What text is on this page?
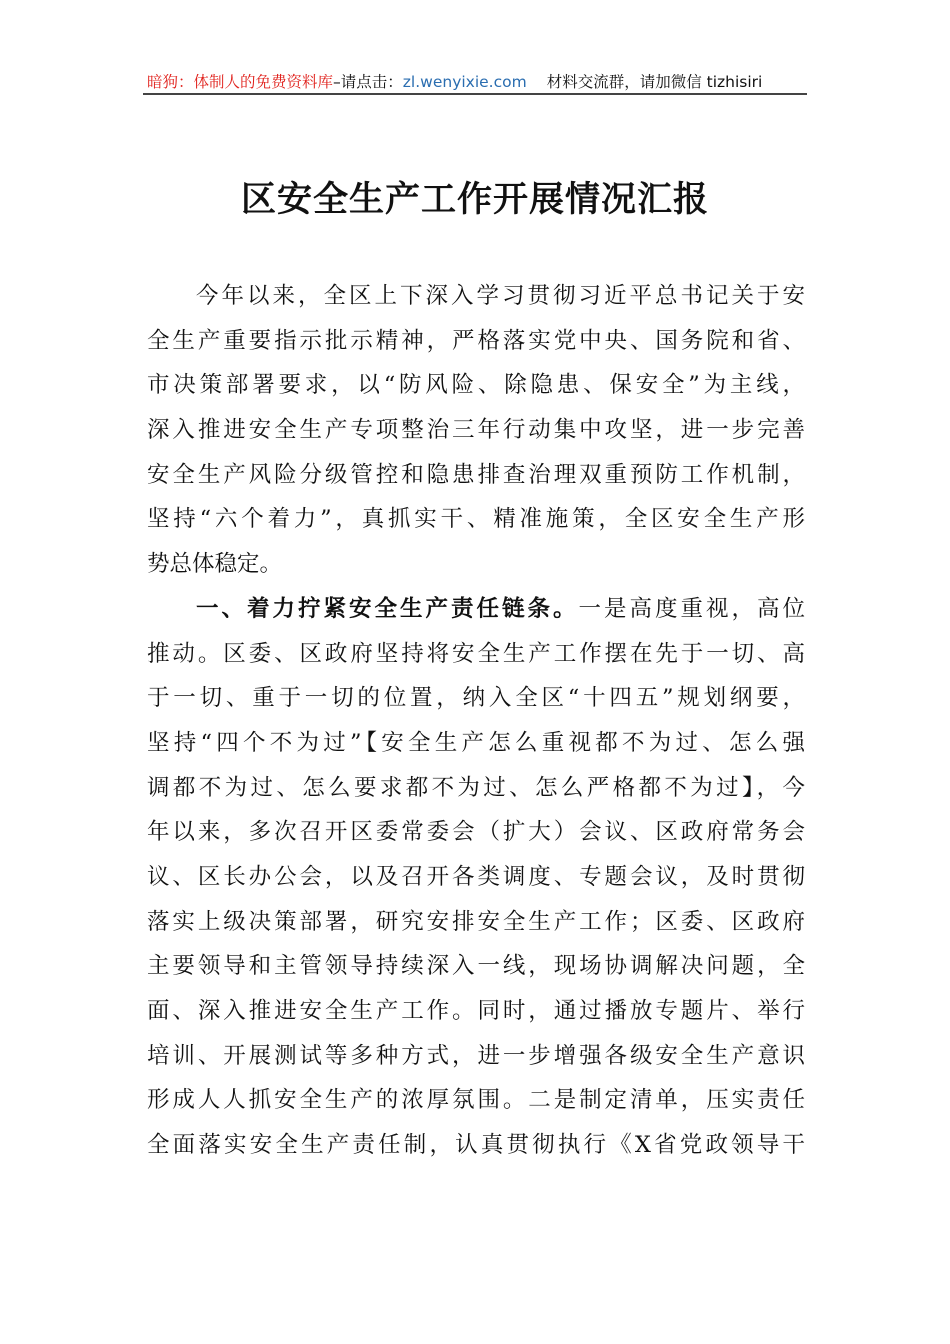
暗狗：体制人的免费资料库 –请点击： zl.wenyixie.com 材料交流群，请加微信 tizhisiri
区安全生产工作开展情况汇报
今年以来，全区上下深入学习贯彻习近平总书记关于安
全生产重要指示批示精神，严格落实党中央、国务院和省、
市决策部署要求，以“防风险、除隐患、保安全”为主线，
深入推进安全生产专项整治三年行动集中攻坚，进一步完善
安全生产风险分级管控和隐患排查治理双重预防工作机制，
坚持“六个着力”，真抓实干、精准施策，全区安全生产形
势总体稳定。
一、着力拧紧安全生产责任链条。一是高度重视，高位
推动。区委、区政府坚持将安全生产工作摆在先于一切、高
于一切、重于一切的位置，纳入全区“十四五”规划纲要，
坚持“四个不为过”【安全生产怎么重视都不为过、怎么强
调都不为过、怎么要求都不为过、怎么严格都不为过】，今
年以来，多次召开区委常委会（扩大）会议、区政府常务会
议、区长办公会，以及召开各类调度、专题会议，及时贯彻
落实上级决策部署，研究安排安全生产工作；区委、区政府
主要领导和主管领导持续深入一线，现场协调解决问题，全
面、深入推进安全生产工作。同时，通过播放专题片、举行
培训、开展测试等多种方式，进一步增强各级安全生产意识
形成人人抓安全生产的浓厚氛围。二是制定清单，压实责任
全面落实安全生产责任制，认真贯彻执行《X省党政领导干
